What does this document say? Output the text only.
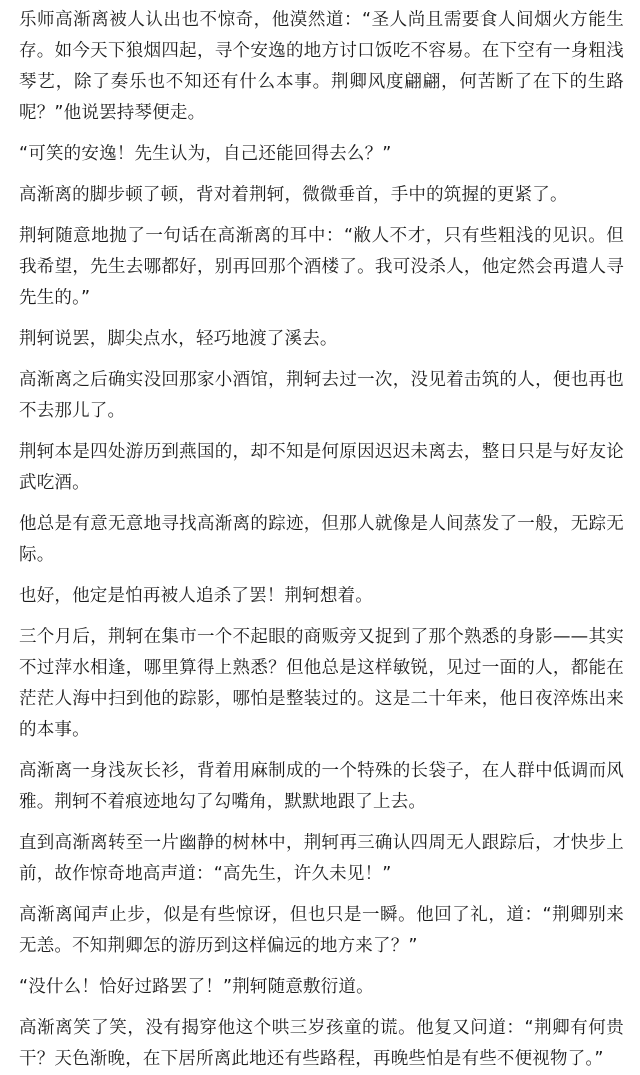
乐师高渐离被人认出也不惊奇，他漠然道：“圣人尚且需要食人间烟火方能生存。如今天下狼烟四起，寻个安逸的地方讨口饭吃不容易。在下空有一身粗浅琴艺，除了奏乐也不知还有什么本事。荆卿风度翩翩，何苦断了在下的生路呢？”他说罢持琴便走。

“可笑的安逸！先生认为，自己还能回得去么？”

高渐离的脚步顿了顿，背对着荆轲，微微垂首，手中的筑握的更紧了。

荆轲随意地抛了一句话在高渐离的耳中：“敝人不才，只有些粗浅的见识。但我希望，先生去哪都好，别再回那个酒楼了。我可没杀人，他定然会再遣人寻先生的。”

荆轲说罢，脚尖点水，轻巧地渡了溪去。

高渐离之后确实没回那家小酒馆，荆轲去过一次，没见着击筑的人，便也再也不去那儿了。

荆轲本是四处游历到燕国的，却不知是何原因迟迟未离去，整日只是与好友论武吃酒。

他总是有意无意地寻找高渐离的踪迹，但那人就像是人间蒸发了一般，无踪无际。

也好，他定是怕再被人追杀了罢！荆轲想着。

三个月后，荆轲在集市一个不起眼的商贩旁又捉到了那个熟悉的身影——其实不过萍水相逢，哪里算得上熟悉？但他总是这样敏锐，见过一面的人，都能在茫茫人海中扫到他的踪影，哪怕是整装过的。这是二十年来，他日夜淬炼出来的本事。

高渐离一身浅灰长衫，背着用麻制成的一个特殊的长袋子，在人群中低调而风雅。荆轲不着痕迹地勾了勾嘴角，默默地跟了上去。

直到高渐离转至一片幽静的树林中，荆轲再三确认四周无人跟踪后，才快步上前，故作惊奇地高声道：“高先生，许久未见！”

高渐离闻声止步，似是有些惊讶，但也只是一瞬。他回了礼，道：“荆卿别来无恙。不知荆卿怎的游历到这样偏远的地方来了？”

“没什么！恰好过路罢了！”荆轲随意敷衍道。

高渐离笑了笑，没有揭穿他这个哄三岁孩童的谎。他复又问道：“荆卿有何贵干？天色渐晚，在下居所离此地还有些路程，再晚些怕是有些不便视物了。”
